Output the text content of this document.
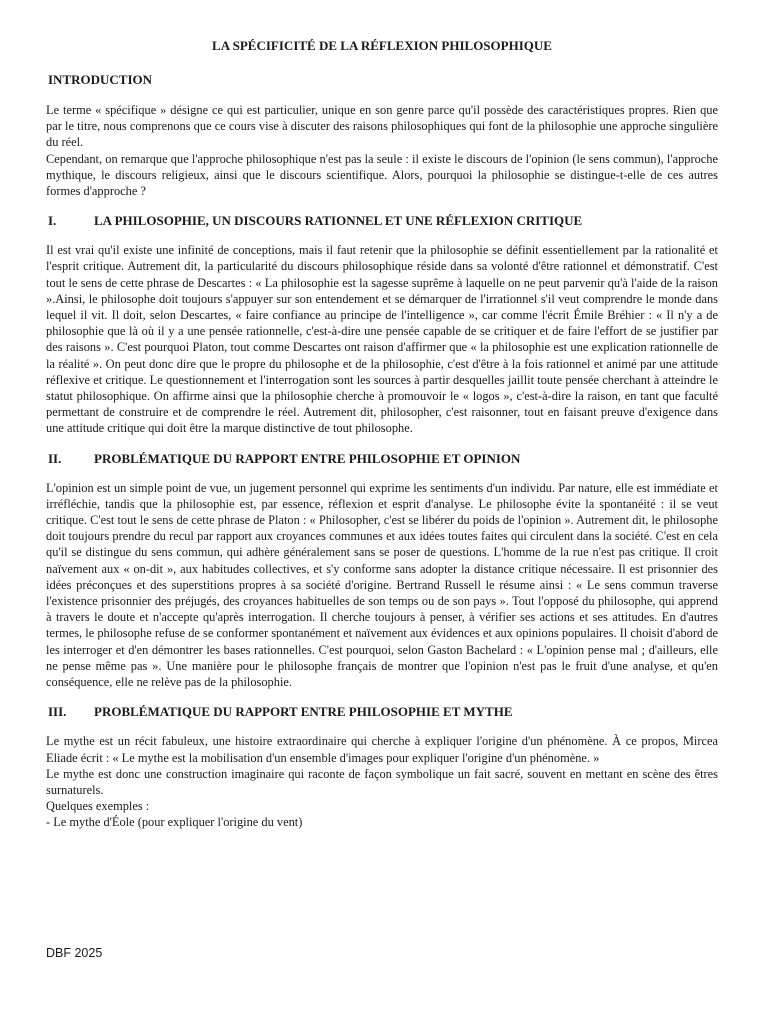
LA SPÉCIFICITÉ DE LA RÉFLEXION PHILOSOPHIQUE
INTRODUCTION

Le terme « spécifique » désigne ce qui est particulier, unique en son genre parce qu'il possède des caractéristiques propres. Rien que par le titre, nous comprenons que ce cours vise à discuter des raisons philosophiques qui font de la philosophie une approche singulière du réel.

Cependant, on remarque que l'approche philosophique n'est pas la seule : il existe le discours de l'opinion (le sens commun), l'approche mythique, le discours religieux, ainsi que le discours scientifique. Alors, pourquoi la philosophie se distingue-t-elle de ces autres formes d'approche ?

I.	LA PHILOSOPHIE, UN DISCOURS RATIONNEL ET UNE RÉFLEXION CRITIQUE

Il est vrai qu'il existe une infinité de conceptions, mais il faut retenir que la philosophie se définit essentiellement par la rationalité et l'esprit critique. Autrement dit, la particularité du discours philosophique réside dans sa volonté d'être rationnel et démonstratif. C'est tout le sens de cette phrase de Descartes : « La philosophie est la sagesse suprême à laquelle on ne peut parvenir qu'à l'aide de la raison ».Ainsi, le philosophe doit toujours s'appuyer sur son entendement et se démarquer de l'irrationnel s'il veut comprendre le monde dans lequel il vit. Il doit, selon Descartes, « faire confiance au principe de l'intelligence », car comme l'écrit Émile Bréhier : « Il n'y a de philosophie que là où il y a une pensée rationnelle, c'est-à-dire une pensée capable de se critiquer et de faire l'effort de se justifier par des raisons ». C'est pourquoi Platon, tout comme Descartes ont raison d'affirmer que « la philosophie est une explication rationnelle de la réalité ». On peut donc dire que le propre du philosophe et de la philosophie, c'est d'être à la fois rationnel et animé par une attitude réflexive et critique. Le questionnement et l'interrogation sont les sources à partir desquelles jaillit toute pensée cherchant à atteindre le statut philosophique. On affirme ainsi que la philosophie cherche à promouvoir le « logos », c'est-à-dire la raison, en tant que faculté permettant de construire et de comprendre le réel. Autrement dit, philosopher, c'est raisonner, tout en faisant preuve d'exigence dans une attitude critique qui doit être la marque distinctive de tout philosophe.

II.	PROBLÉMATIQUE DU RAPPORT ENTRE PHILOSOPHIE ET OPINION

L'opinion est un simple point de vue, un jugement personnel qui exprime les sentiments d'un individu. Par nature, elle est immédiate et irréfléchie, tandis que la philosophie est, par essence, réflexion et esprit d'analyse. Le philosophe évite la spontanéité : il se veut critique. C'est tout le sens de cette phrase de Platon : « Philosopher, c'est se libérer du poids de l'opinion ». Autrement dit, le philosophe doit toujours prendre du recul par rapport aux croyances communes et aux idées toutes faites qui circulent dans la société. C'est en cela qu'il se distingue du sens commun, qui adhère généralement sans se poser de questions. L'homme de la rue n'est pas critique. Il croit naïvement aux « on-dit », aux habitudes collectives, et s'y conforme sans adopter la distance critique nécessaire. Il est prisonnier des idées préconçues et des superstitions propres à sa société d'origine. Bertrand Russell le résume ainsi : « Le sens commun traverse l'existence prisonnier des préjugés, des croyances habituelles de son temps ou de son pays ». Tout l'opposé du philosophe, qui apprend à travers le doute et n'accepte qu'après interrogation. Il cherche toujours à penser, à vérifier ses actions et ses attitudes. En d'autres termes, le philosophe refuse de se conformer spontanément et naïvement aux évidences et aux opinions populaires. Il choisit d'abord de les interroger et d'en démontrer les bases rationnelles. C'est pourquoi, selon Gaston Bachelard : « L'opinion pense mal ; d'ailleurs, elle ne pense même pas ». Une manière pour le philosophe français de montrer que l'opinion n'est pas le fruit d'une analyse, et qu'en conséquence, elle ne relève pas de la philosophie.

III.	PROBLÉMATIQUE DU RAPPORT ENTRE PHILOSOPHIE ET MYTHE

Le mythe est un récit fabuleux, une histoire extraordinaire qui cherche à expliquer l'origine d'un phénomène. À ce propos, Mircea Eliade écrit : « Le mythe est la mobilisation d'un ensemble d'images pour expliquer l'origine d'un phénomène. »

Le mythe est donc une construction imaginaire qui raconte de façon symbolique un fait sacré, souvent en mettant en scène des êtres surnaturels.

Quelques exemples :

- Le mythe d'Éole (pour expliquer l'origine du vent)

DBF 2025
